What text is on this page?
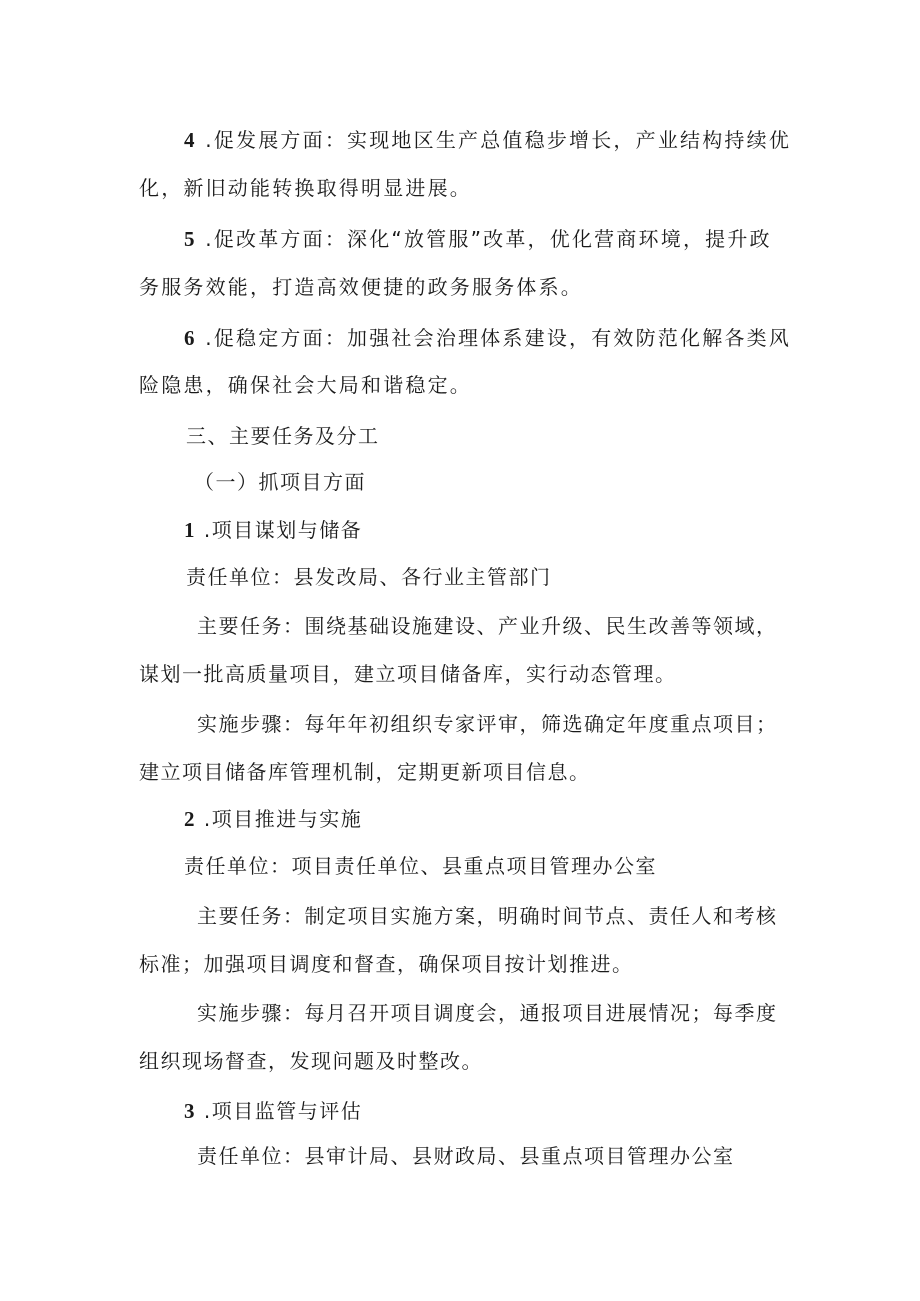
4 .促发展方面：实现地区生产总值稳步增长，产业结构持续优
化，新旧动能转换取得明显进展。
5 .促改革方面：深化“放管服”改革，优化营商环境，提升政
务服务效能，打造高效便捷的政务服务体系。
6 .促稳定方面：加强社会治理体系建设，有效防范化解各类风
险隐患，确保社会大局和谐稳定。
三、主要任务及分工
（一）抓项目方面
1 .项目谋划与储备
责任单位：县发改局、各行业主管部门
主要任务：围绕基础设施建设、产业升级、民生改善等领域，
谋划一批高质量项目，建立项目储备库，实行动态管理。
实施步骤：每年年初组织专家评审，筛选确定年度重点项目；
建立项目储备库管理机制，定期更新项目信息。
2 .项目推进与实施
责任单位：项目责任单位、县重点项目管理办公室
主要任务：制定项目实施方案，明确时间节点、责任人和考核
标准；加强项目调度和督查，确保项目按计划推进。
实施步骤：每月召开项目调度会，通报项目进展情况；每季度
组织现场督查，发现问题及时整改。
3 .项目监管与评估
责任单位：县审计局、县财政局、县重点项目管理办公室
